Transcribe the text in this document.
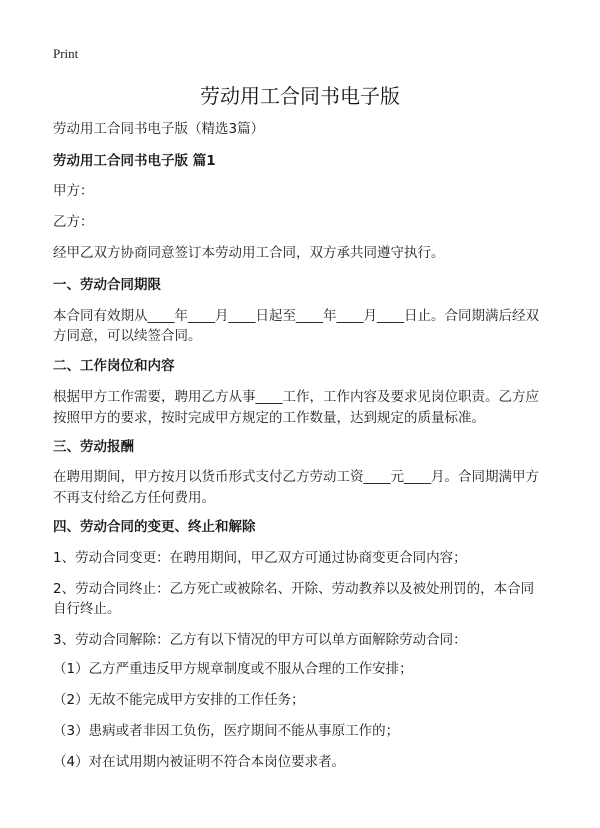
Print
劳动用工合同书电子版

劳动用工合同书电子版（精选3篇）

劳动用工合同书电子版 篇1

甲方：

乙方：

经甲乙双方协商同意签订本劳动用工合同，双方承共同遵守执行。

一、劳动合同期限

本合同有效期从____年____月____日起至____年____月____日止。合同期满后经双

方同意，可以续签合同。

二、工作岗位和内容

根据甲方工作需要，聘用乙方从事____工作，工作内容及要求见岗位职责。乙方应

按照甲方的要求，按时完成甲方规定的工作数量，达到规定的质量标准。

三、劳动报酬

在聘用期间，甲方按月以货币形式支付乙方劳动工资____元____月。合同期满甲方

不再支付给乙方任何费用。

四、劳动合同的变更、终止和解除

1、劳动合同变更：在聘用期间，甲乙双方可通过协商变更合同内容；

2、劳动合同终止：乙方死亡或被除名、开除、劳动教养以及被处刑罚的，本合同

自行终止。

3、劳动合同解除：乙方有以下情况的甲方可以单方面解除劳动合同：

（1）乙方严重违反甲方规章制度或不服从合理的工作安排；

（2）无故不能完成甲方安排的工作任务；

（3）患病或者非因工负伤，医疗期间不能从事原工作的；

（4）对在试用期内被证明不符合本岗位要求者。
